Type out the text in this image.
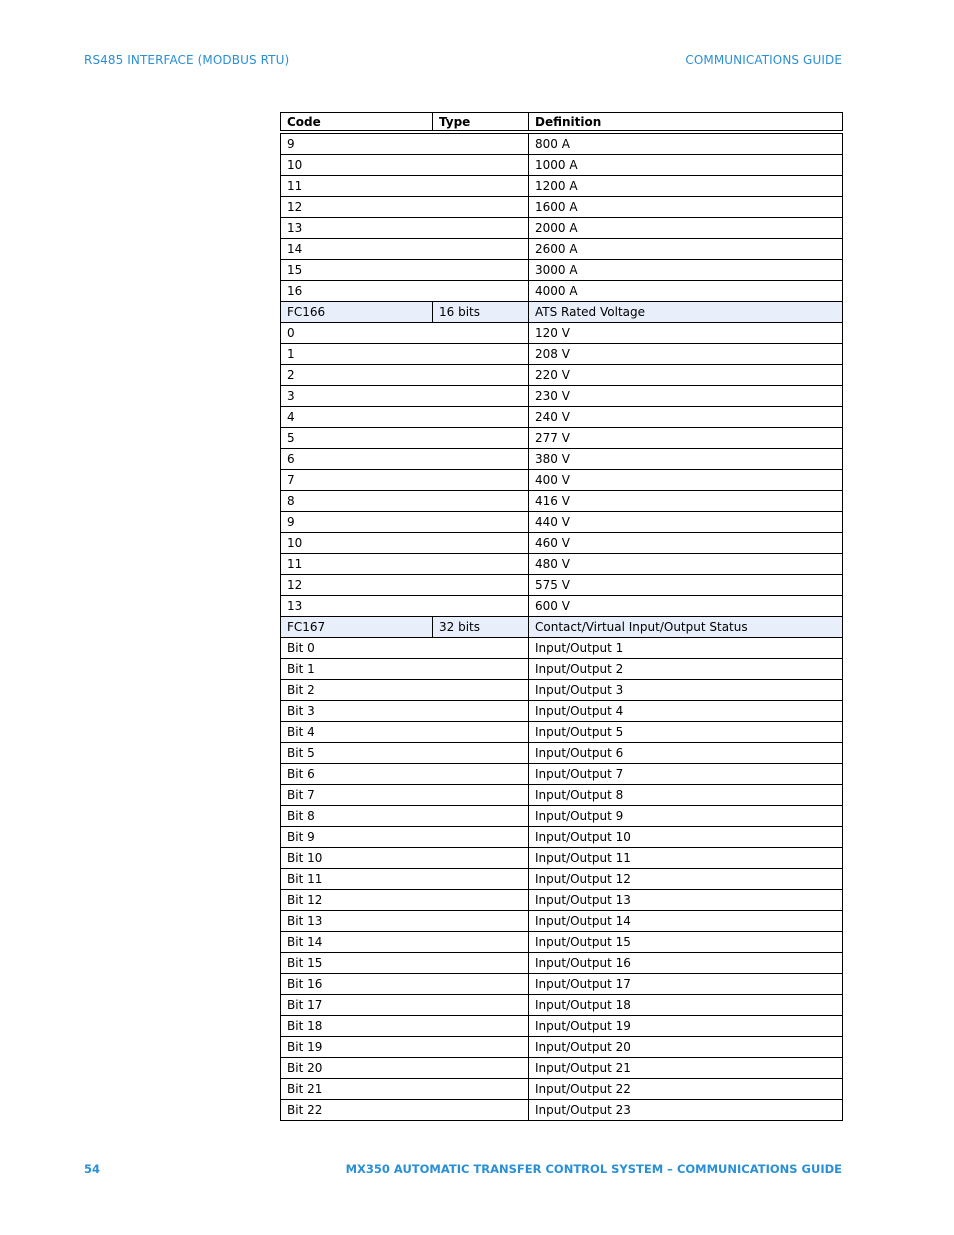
RS485 INTERFACE (MODBUS RTU)	COMMUNICATIONS GUIDE
Code	Type	Definition
9		800 A
10		1000 A
11		1200 A
12		1600 A
13		2000 A
14		2600 A
15		3000 A
16		4000 A
FC166	16 bits	ATS Rated Voltage
0		120 V
1		208 V
2		220 V
3		230 V
4		240 V
5		277 V
6		380 V
7		400 V
8		416 V
9		440 V
10		460 V
11		480 V
12		575 V
13		600 V
FC167	32 bits	Contact/Virtual Input/Output Status
Bit 0		Input/Output 1
Bit 1		Input/Output 2
Bit 2		Input/Output 3
Bit 3		Input/Output 4
Bit 4		Input/Output 5
Bit 5		Input/Output 6
Bit 6		Input/Output 7
Bit 7		Input/Output 8
Bit 8		Input/Output 9
Bit 9		Input/Output 10
Bit 10		Input/Output 11
Bit 11		Input/Output 12
Bit 12		Input/Output 13
Bit 13		Input/Output 14
Bit 14		Input/Output 15
Bit 15		Input/Output 16
Bit 16		Input/Output 17
Bit 17		Input/Output 18
Bit 18		Input/Output 19
Bit 19		Input/Output 20
Bit 20		Input/Output 21
Bit 21		Input/Output 22
Bit 22		Input/Output 23
54	MX350 AUTOMATIC TRANSFER CONTROL SYSTEM – COMMUNICATIONS GUIDE
